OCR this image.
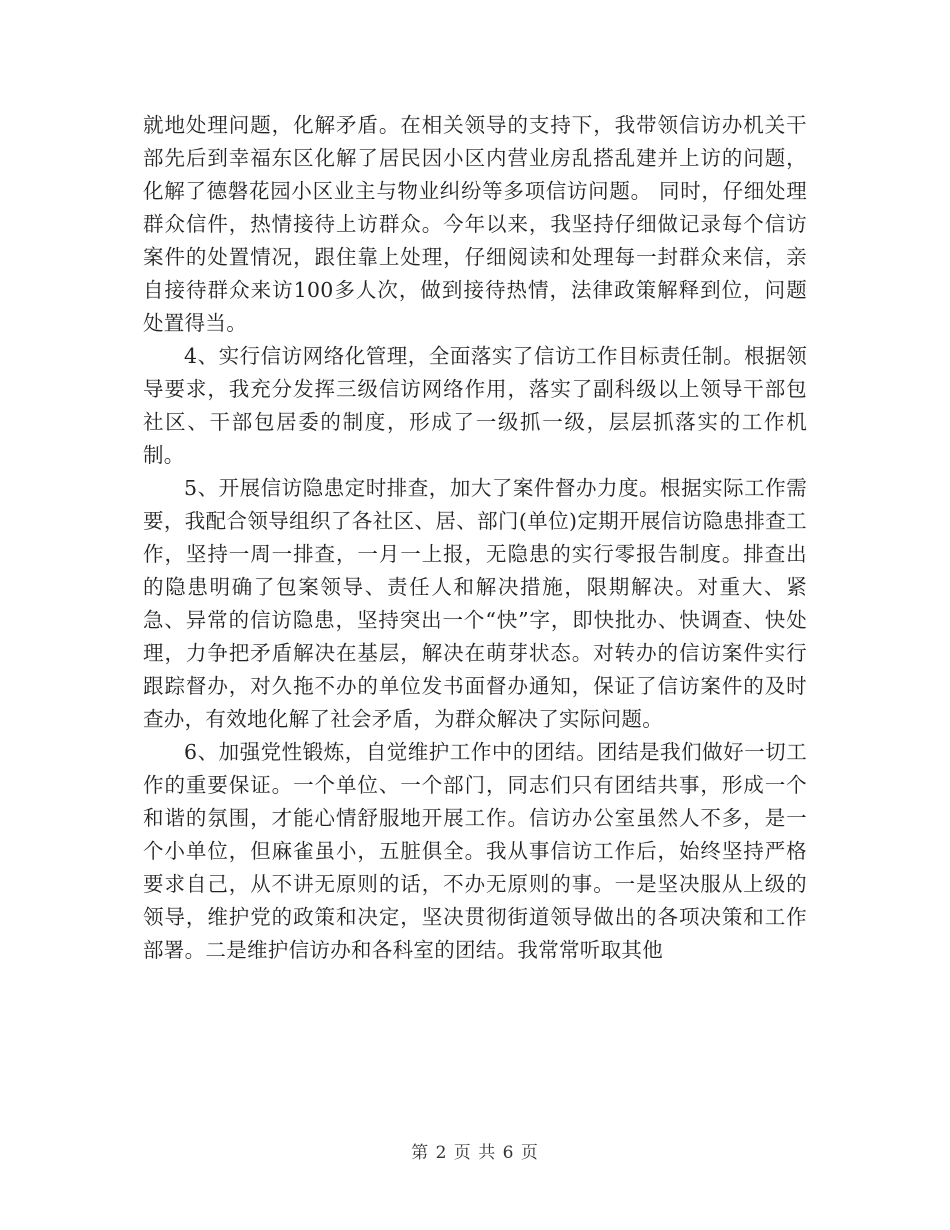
就地处理问题，化解矛盾。在相关领导的支持下，我带领信访办机关干部先后到幸福东区化解了居民因小区内营业房乱搭乱建并上访的问题，化解了德磐花园小区业主与物业纠纷等多项信访问题。 同时，仔细处理群众信件，热情接待上访群众。今年以来，我坚持仔细做记录每个信访案件的处置情况，跟住靠上处理，仔细阅读和处理每一封群众来信，亲自接待群众来访100多人次，做到接待热情，法律政策解释到位，问题处置得当。

4、实行信访网络化管理，全面落实了信访工作目标责任制。根据领导要求，我充分发挥三级信访网络作用，落实了副科级以上领导干部包社区、干部包居委的制度，形成了一级抓一级，层层抓落实的工作机制。

5、开展信访隐患定时排查，加大了案件督办力度。根据实际工作需要，我配合领导组织了各社区、居、部门(单位)定期开展信访隐患排查工作，坚持一周一排查，一月一上报，无隐患的实行零报告制度。排查出的隐患明确了包案领导、责任人和解决措施，限期解决。对重大、紧急、异常的信访隐患，坚持突出一个“快”字，即快批办、快调查、快处理，力争把矛盾解决在基层，解决在萌芽状态。对转办的信访案件实行跟踪督办，对久拖不办的单位发书面督办通知，保证了信访案件的及时查办，有效地化解了社会矛盾，为群众解决了实际问题。

6、加强党性锻炼，自觉维护工作中的团结。团结是我们做好一切工作的重要保证。一个单位、一个部门，同志们只有团结共事，形成一个和谐的氛围，才能心情舒服地开展工作。信访办公室虽然人不多，是一个小单位，但麻雀虽小，五脏俱全。我从事信访工作后，始终坚持严格要求自己，从不讲无原则的话，不办无原则的事。一是坚决服从上级的领导，维护党的政策和决定，坚决贯彻街道领导做出的各项决策和工作部署。二是维护信访办和各科室的团结。我常常听取其他

第 2 页 共 6 页
